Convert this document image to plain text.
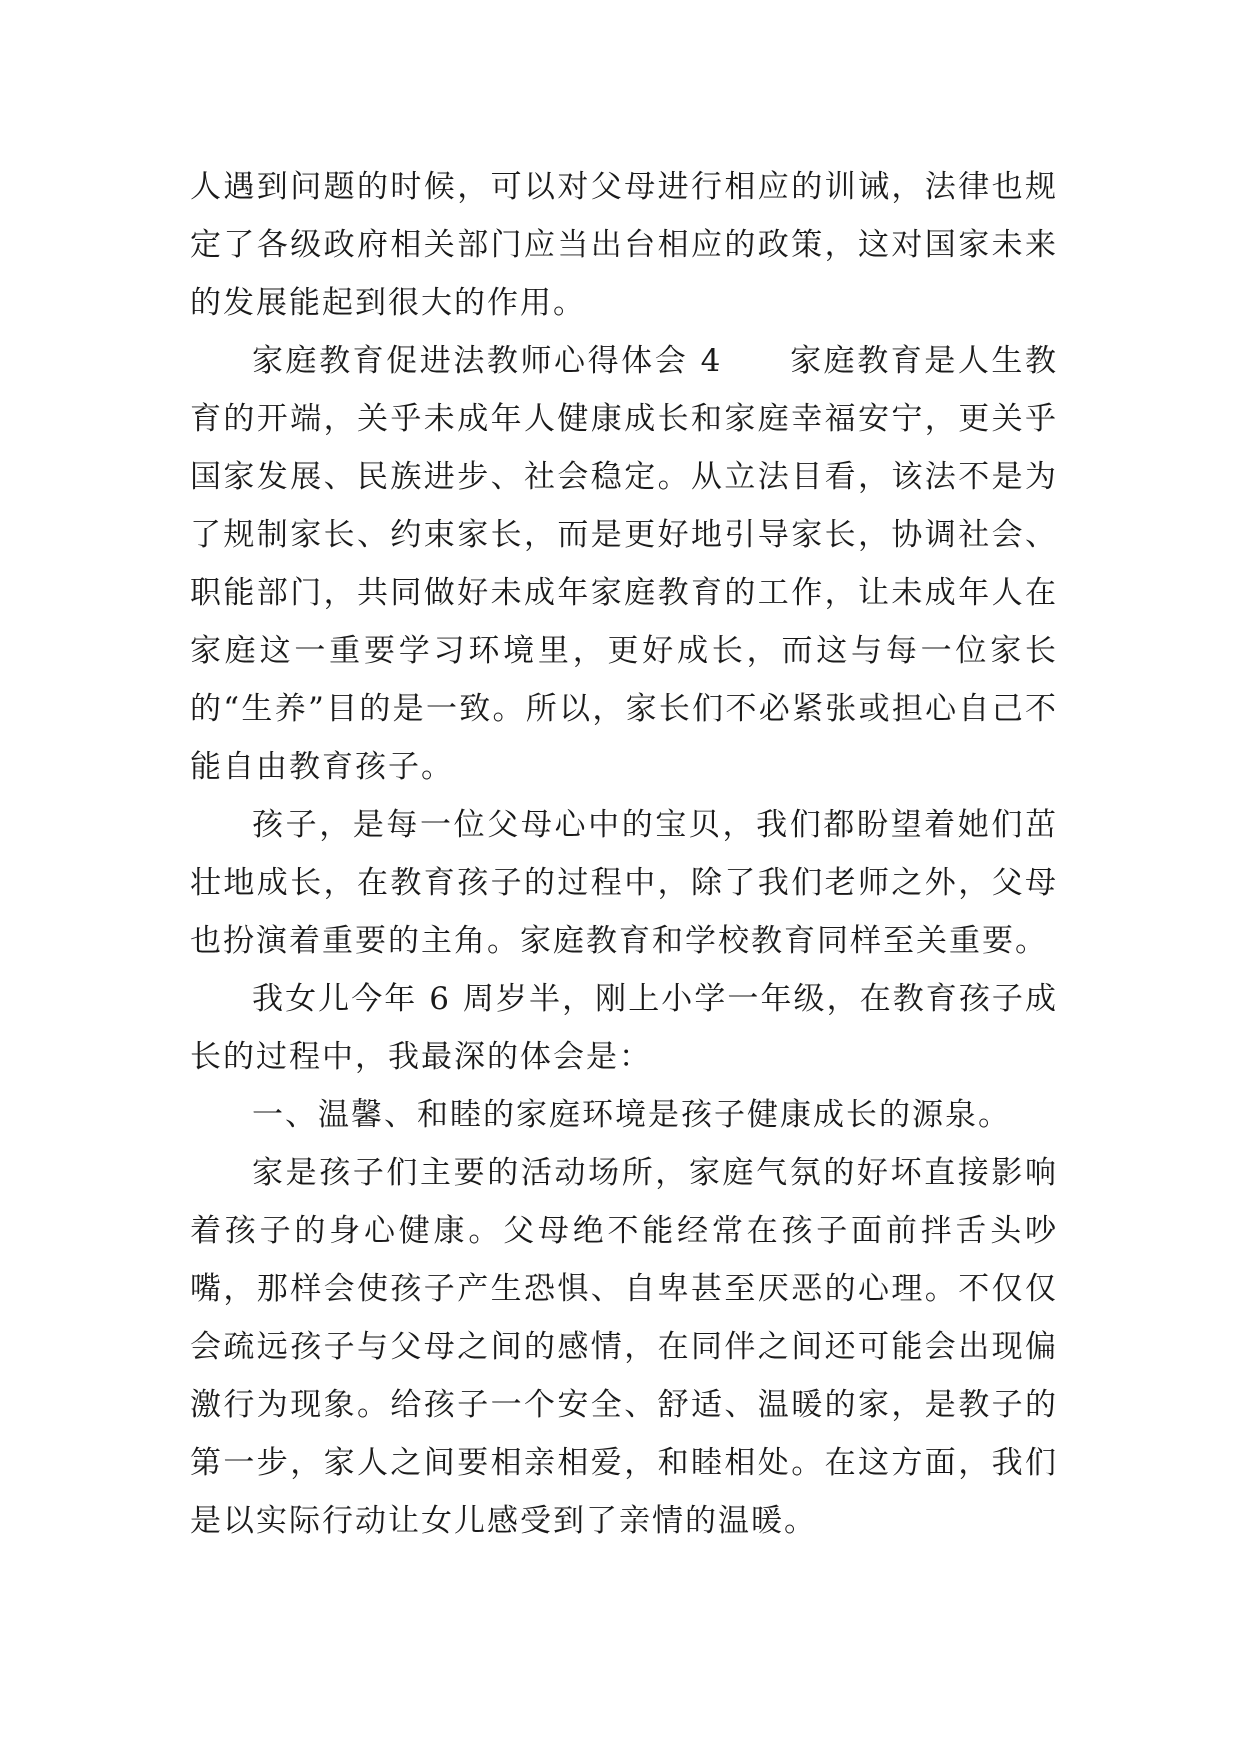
人遇到问题的时候，可以对父母进行相应的训诫，法律也规定了各级政府相关部门应当出台相应的政策，这对国家未来的发展能起到很大的作用。

家庭教育促进法教师心得体会 4　　家庭教育是人生教育的开端，关乎未成年人健康成长和家庭幸福安宁，更关乎国家发展、民族进步、社会稳定。从立法目看，该法不是为了规制家长、约束家长，而是更好地引导家长，协调社会、职能部门，共同做好未成年家庭教育的工作，让未成年人在家庭这一重要学习环境里，更好成长，而这与每一位家长的“生养”目的是一致。所以，家长们不必紧张或担心自己不能自由教育孩子。

孩子，是每一位父母心中的宝贝，我们都盼望着她们茁壮地成长，在教育孩子的过程中，除了我们老师之外，父母也扮演着重要的主角。家庭教育和学校教育同样至关重要。

我女儿今年 6 周岁半，刚上小学一年级，在教育孩子成长的过程中，我最深的体会是：

一、温馨、和睦的家庭环境是孩子健康成长的源泉。

家是孩子们主要的活动场所，家庭气氛的好坏直接影响着孩子的身心健康。父母绝不能经常在孩子面前拌舌头吵嘴，那样会使孩子产生恐惧、自卑甚至厌恶的心理。不仅仅会疏远孩子与父母之间的感情，在同伴之间还可能会出现偏激行为现象。给孩子一个安全、舒适、温暖的家，是教子的第一步，家人之间要相亲相爱，和睦相处。在这方面，我们是以实际行动让女儿感受到了亲情的温暖。
